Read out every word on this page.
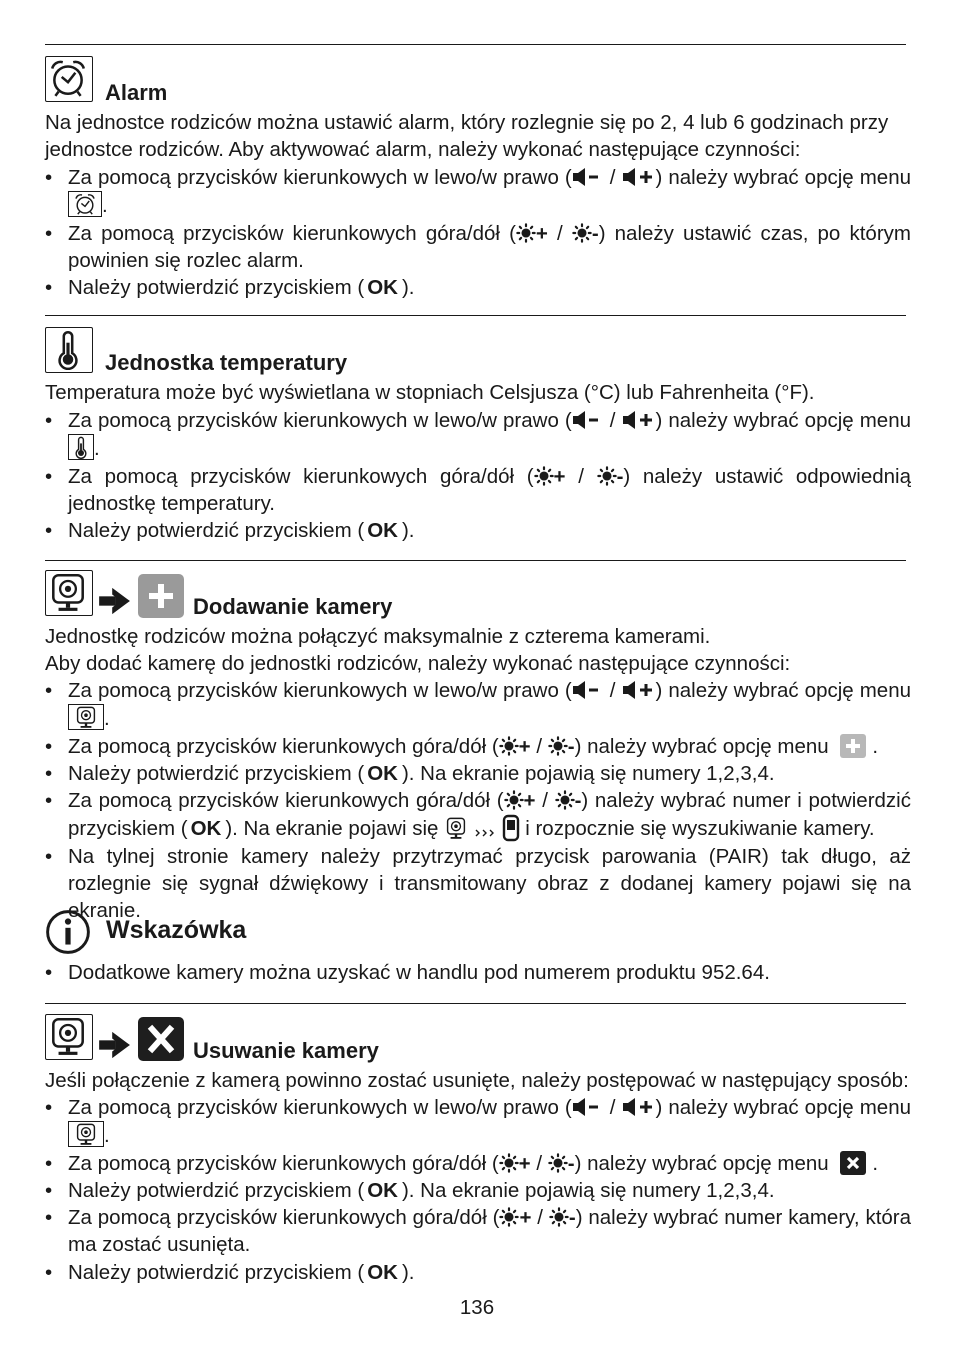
Alarm

Na jednostce rodziców można ustawić alarm, który rozlegnie się po 2, 4 lub 6 godzinach przy jednostce rodziców. Aby aktywować alarm, należy wykonać następujące czynności:

• Za pomocą przycisków kierunkowych w lewo/w prawo ( / ) należy wybrać opcję menu .
• Za pomocą przycisków kierunkowych góra/dół ( + / -) należy ustawić czas, po którym powinien się rozlec alarm.
• Należy potwierdzić przyciskiem ( OK ).
Jednostka temperatury

Temperatura może być wyświetlana w stopniach Celsjusza (°C) lub Fahrenheita (°F).

• Za pomocą przycisków kierunkowych w lewo/w prawo ( / ) należy wybrać opcję menu .
• Za pomocą przycisków kierunkowych góra/dół ( + / -) należy ustawić odpowiednią jednostkę temperatury.
• Należy potwierdzić przyciskiem ( OK ).
Dodawanie kamery

Jednostkę rodziców można połączyć maksymalnie z czterema kamerami.

Aby dodać kamerę do jednostki rodziców, należy wykonać następujące czynności:

• Za pomocą przycisków kierunkowych w lewo/w prawo ( / ) należy wybrać opcję menu .
• Za pomocą przycisków kierunkowych góra/dół ( + / -) należy wybrać opcję menu .
• Należy potwierdzić przyciskiem ( OK ). Na ekranie pojawią się numery 1,2,3,4.
• Za pomocą przycisków kierunkowych góra/dół ( + / -) należy wybrać numer i potwierdzić przyciskiem ( OK ). Na ekranie pojawi się	i rozpocznie się wyszukiwanie kamery.
• Na tylnej stronie kamery należy przytrzymać przycisk parowania (PAIR) tak długo, aż rozlegnie się sygnał dźwiękowy i transmitowany obraz z dodanej kamery pojawi się na ekranie.
Wskazówka
• Dodatkowe kamery można uzyskać w handlu pod numerem produktu 952.64.
Usuwanie kamery

Jeśli połączenie z kamerą powinno zostać usunięte, należy postępować w następujący sposób:

• Za pomocą przycisków kierunkowych w lewo/w prawo ( / ) należy wybrać opcję menu .
• Za pomocą przycisków kierunkowych góra/dół ( + / -) należy wybrać opcję menu .
• Należy potwierdzić przyciskiem ( OK ). Na ekranie pojawią się numery 1,2,3,4.
• Za pomocą przycisków kierunkowych góra/dół ( + / -) należy wybrać numer kamery, która ma zostać usunięta.
• Należy potwierdzić przyciskiem ( OK ).
136
